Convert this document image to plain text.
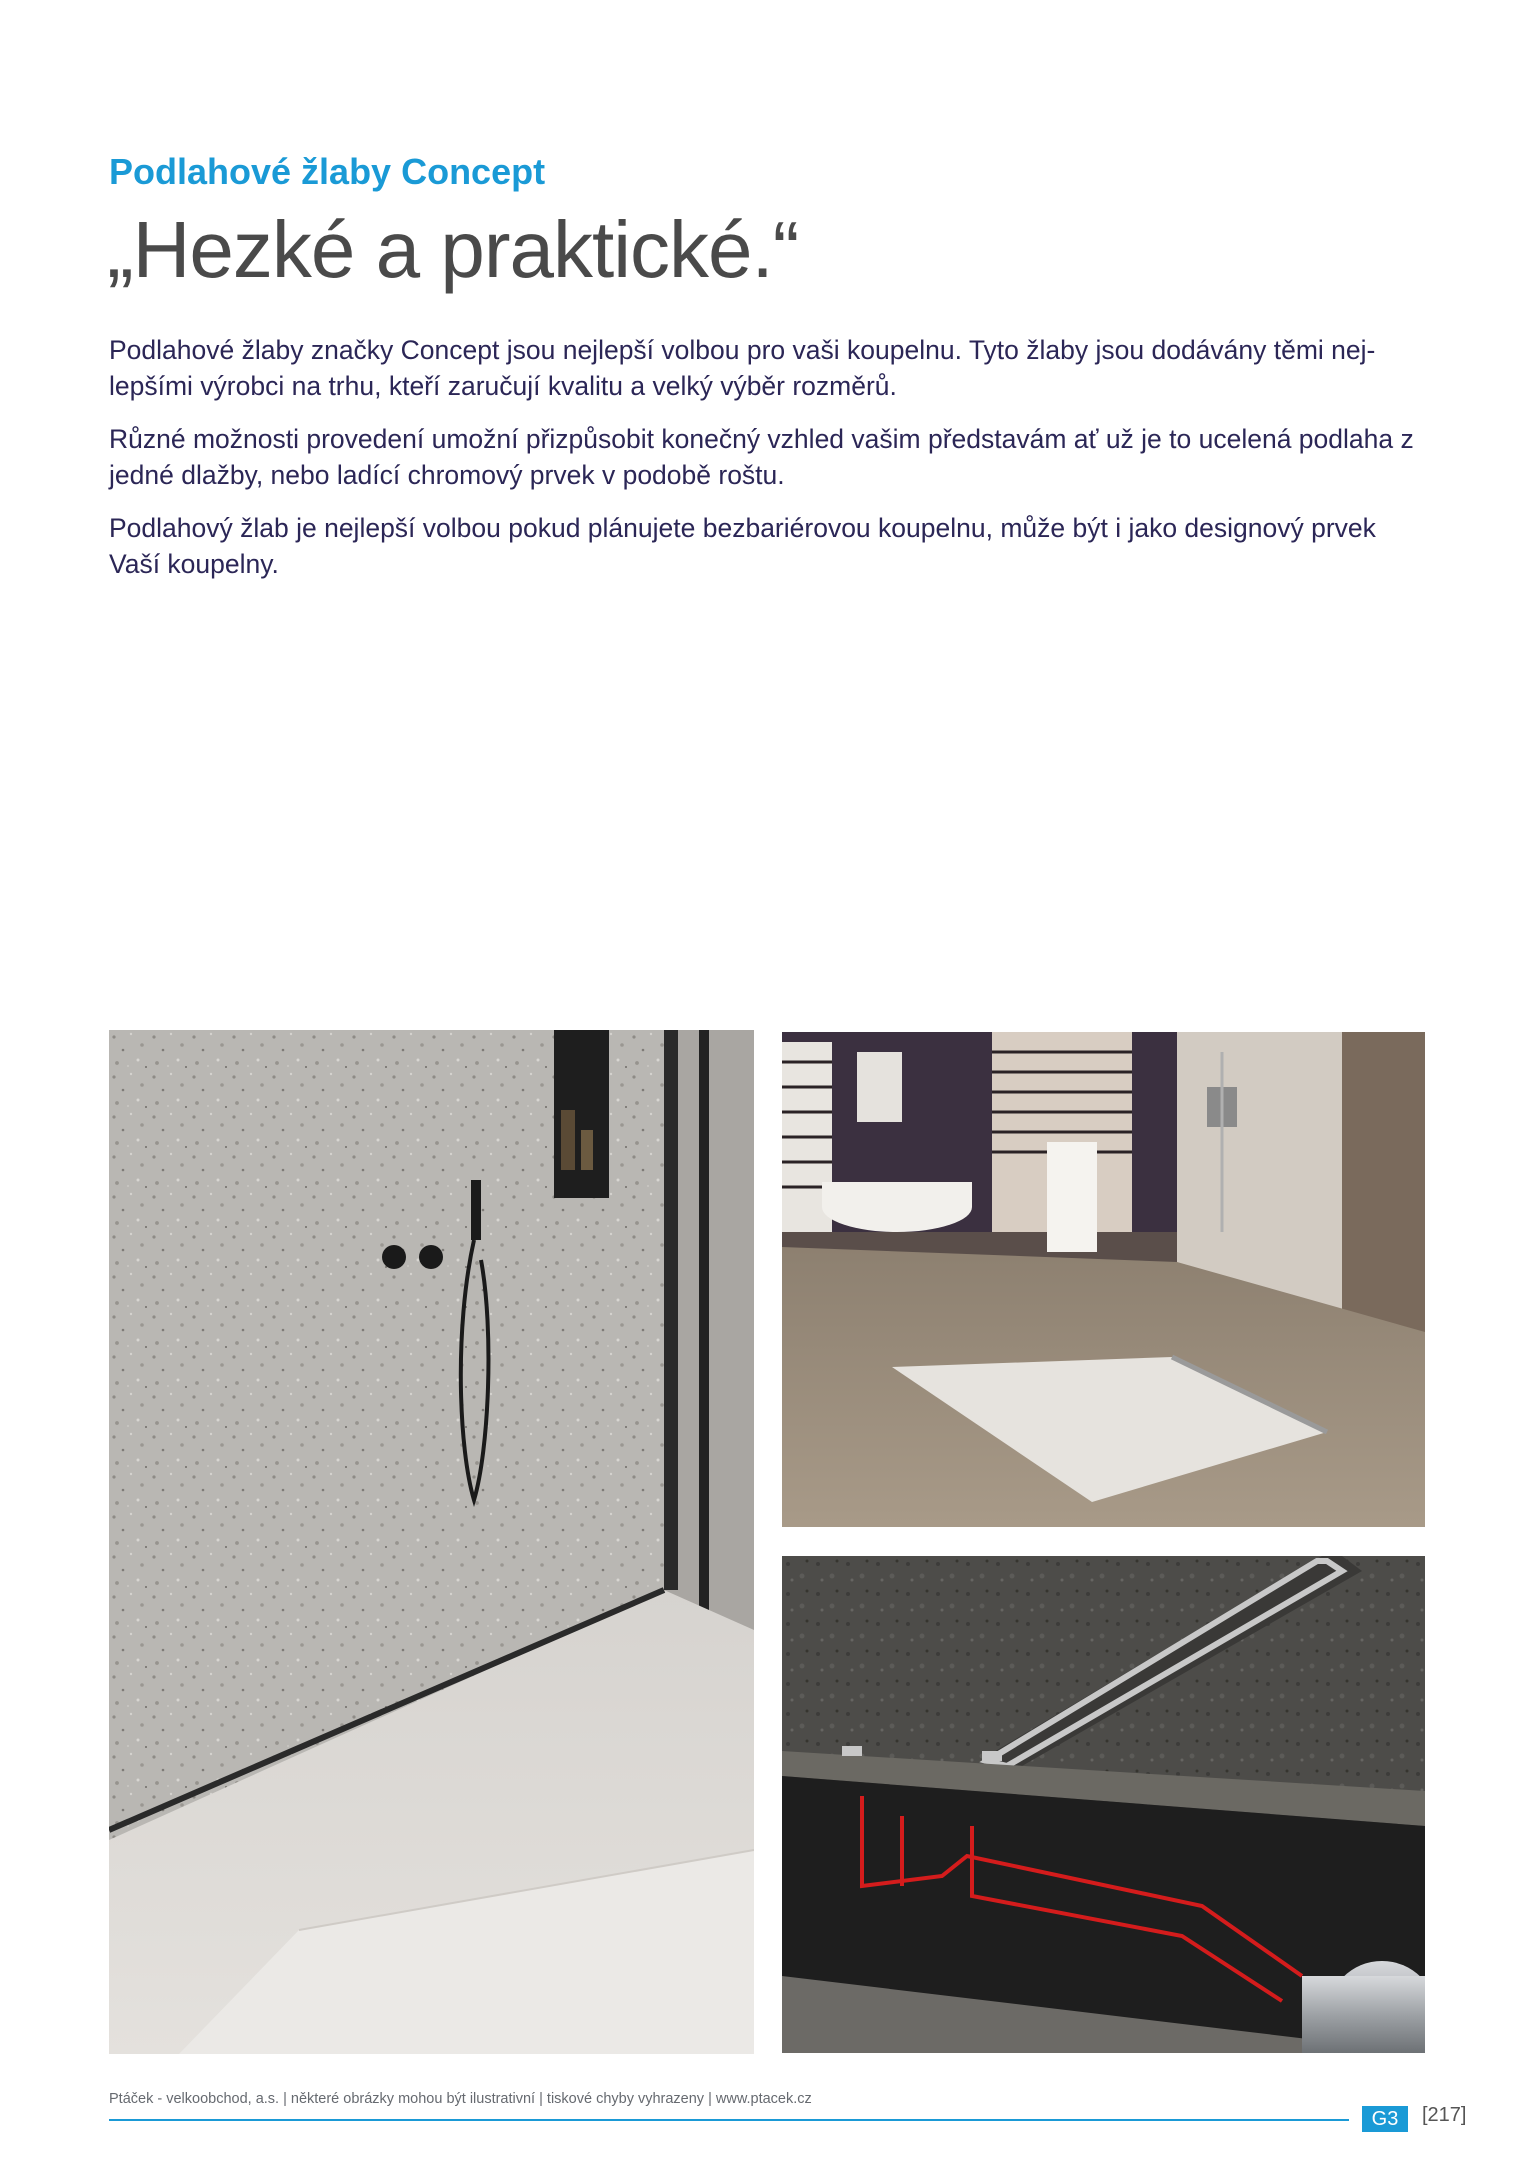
Podlahové žlaby Concept
„Hezké a praktické.“

Podlahové žlaby značky Concept jsou nejlepší volbou pro vaši koupelnu. Tyto žlaby jsou dodávány těmi nej-lepšími výrobci na trhu, kteří zaručují kvalitu a velký výběr rozměrů.

Různé možnosti provedení umožní přizpůsobit konečný vzhled vašim představám ať už je to ucelená podlaha z jedné dlažby, nebo ladící chromový prvek v podobě roštu.

Podlahový žlab je nejlepší volbou pokud plánujete bezbariérovou koupelnu, může být i jako designový prvek Vaší koupelny.

Ptáček - velkoobchod, a.s. | některé obrázky mohou být ilustrativní | tiskové chyby vyhrazeny | www.ptacek.cz
G3	[217]
